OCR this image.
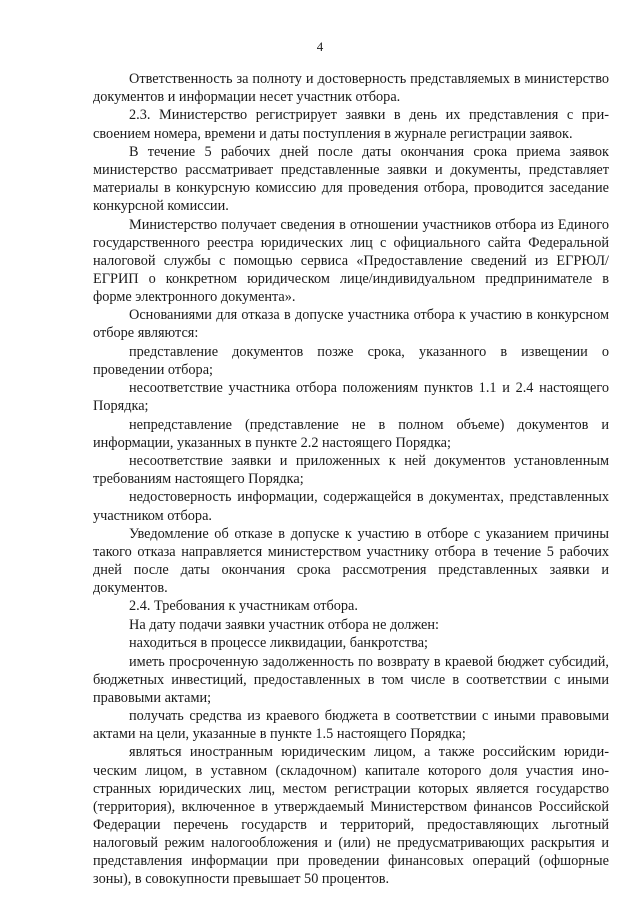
4

Ответственность за полноту и достоверность представляемых в министерство документов и информации несет участник отбора.

2.3. Министерство регистрирует заявки в день их представления с присвоением номера, времени и даты поступления в журнале регистрации заявок.

В течение 5 рабочих дней после даты окончания срока приема заявок министерство рассматривает представленные заявки и документы, представляет материалы в конкурсную комиссию для проведения отбора, проводится заседание конкурсной комиссии.

Министерство получает сведения в отношении участников отбора из Единого государственного реестра юридических лиц с официального сайта Федеральной налоговой службы с помощью сервиса «Предоставление сведений из ЕГРЮЛ/ЕГРИП о конкретном юридическом лице/индивидуальном предпринимателе в форме электронного документа».

Основаниями для отказа в допуске участника отбора к участию в конкурсном отборе являются:

представление документов позже срока, указанного в извещении о проведении отбора;

несоответствие участника отбора положениям пунктов 1.1 и 2.4 настоящего Порядка;

непредставление (представление не в полном объеме) документов и информации, указанных в пункте 2.2 настоящего Порядка;

несоответствие заявки и приложенных к ней документов установленным требованиям настоящего Порядка;

недостоверность информации, содержащейся в документах, представленных участником отбора.

Уведомление об отказе в допуске к участию в отборе с указанием причины такого отказа направляется министерством участнику отбора в течение 5 рабочих дней после даты окончания срока рассмотрения представленных заявки и документов.

2.4. Требования к участникам отбора.

На дату подачи заявки участник отбора не должен:

находиться в процессе ликвидации, банкротства;

иметь просроченную задолженность по возврату в краевой бюджет субсидий, бюджетных инвестиций, предоставленных в том числе в соответствии с иными правовыми актами;

получать средства из краевого бюджета в соответствии с иными правовыми актами на цели, указанные в пункте 1.5 настоящего Порядка;

являться иностранным юридическим лицом, а также российским юридическим лицом, в уставном (складочном) капитале которого доля участия иностранных юридических лиц, местом регистрации которых является государство (территория), включенное в утверждаемый Министерством финансов Российской Федерации перечень государств и территорий, предоставляющих льготный налоговый режим налогообложения и (или) не предусматривающих раскрытия и представления информации при проведении финансовых операций (офшорные зоны), в совокупности превышает 50 процентов.
